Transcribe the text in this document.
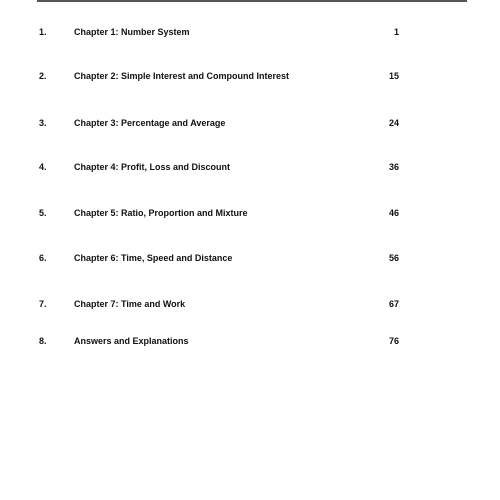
1.	Chapter 1: Number System	1
2.	Chapter 2: Simple Interest and Compound Interest	15
3.	Chapter 3: Percentage and Average	24
4.	Chapter 4: Profit, Loss and Discount	36
5.	Chapter 5: Ratio, Proportion and Mixture	46
6.	Chapter 6: Time, Speed and Distance	56
7.	Chapter 7: Time and Work	67
8.	Answers and Explanations	76
